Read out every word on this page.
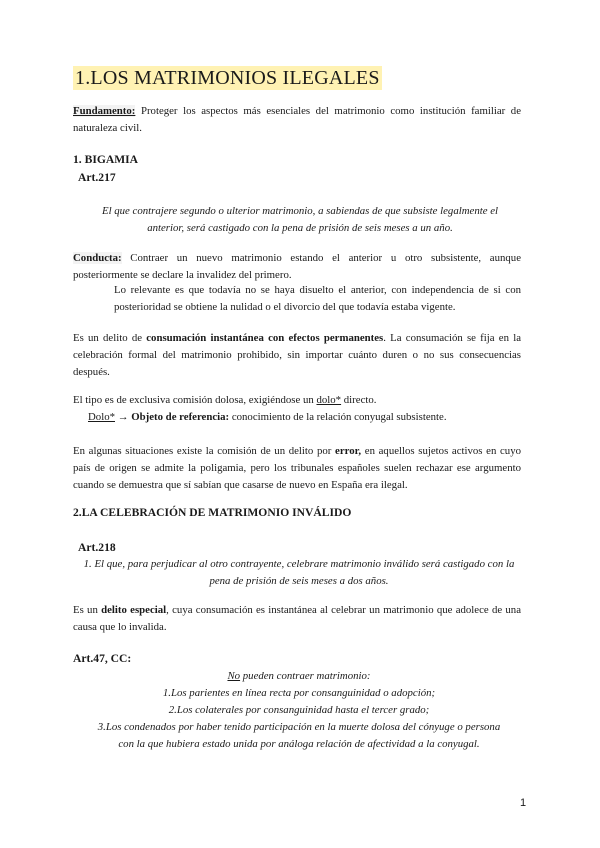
1.LOS MATRIMONIOS ILEGALES
Fundamento: Proteger los aspectos más esenciales del matrimonio como institución familiar de naturaleza civil.
1. BIGAMIA
Art.217
El que contrajere segundo o ulterior matrimonio, a sabiendas de que subsiste legalmente el
anterior, será castigado con la pena de prisión de seis meses a un año.
Conducta: Contraer un nuevo matrimonio estando el anterior u otro subsistente, aunque posteriormente se declare la invalidez del primero.
Lo relevante es que todavía no se haya disuelto el anterior, con independencia de si con posterioridad se obtiene la nulidad o el divorcio del que todavía estaba vigente.
Es un delito de consumación instantánea con efectos permanentes. La consumación se fija en la celebración formal del matrimonio prohibido, sin importar cuánto duren o no sus consecuencias después.
El tipo es de exclusiva comisión dolosa, exigiéndose un dolo* directo.
Dolo* → Objeto de referencia: conocimiento de la relación conyugal subsistente.
En algunas situaciones existe la comisión de un delito por error, en aquellos sujetos activos en cuyo país de origen se admite la poligamia, pero los tribunales españoles suelen rechazar ese argumento cuando se demuestra que sí sabían que casarse de nuevo en España era ilegal.
2.LA CELEBRACIÓN DE MATRIMONIO INVÁLIDO
Art.218
1. El que, para perjudicar al otro contrayente, celebrare matrimonio inválido será castigado con la
pena de prisión de seis meses a dos años.
Es un delito especial, cuya consumación es instantánea al celebrar un matrimonio que adolece de una causa que lo invalida.
Art.47, CC:
No pueden contraer matrimonio:
1.Los parientes en línea recta por consanguinidad o adopción;
2.Los colaterales por consanguinidad hasta el tercer grado;
3.Los condenados por haber tenido participación en la muerte dolosa del cónyuge o persona
con la que hubiera estado unida por análoga relación de afectividad a la conyugal.
1
